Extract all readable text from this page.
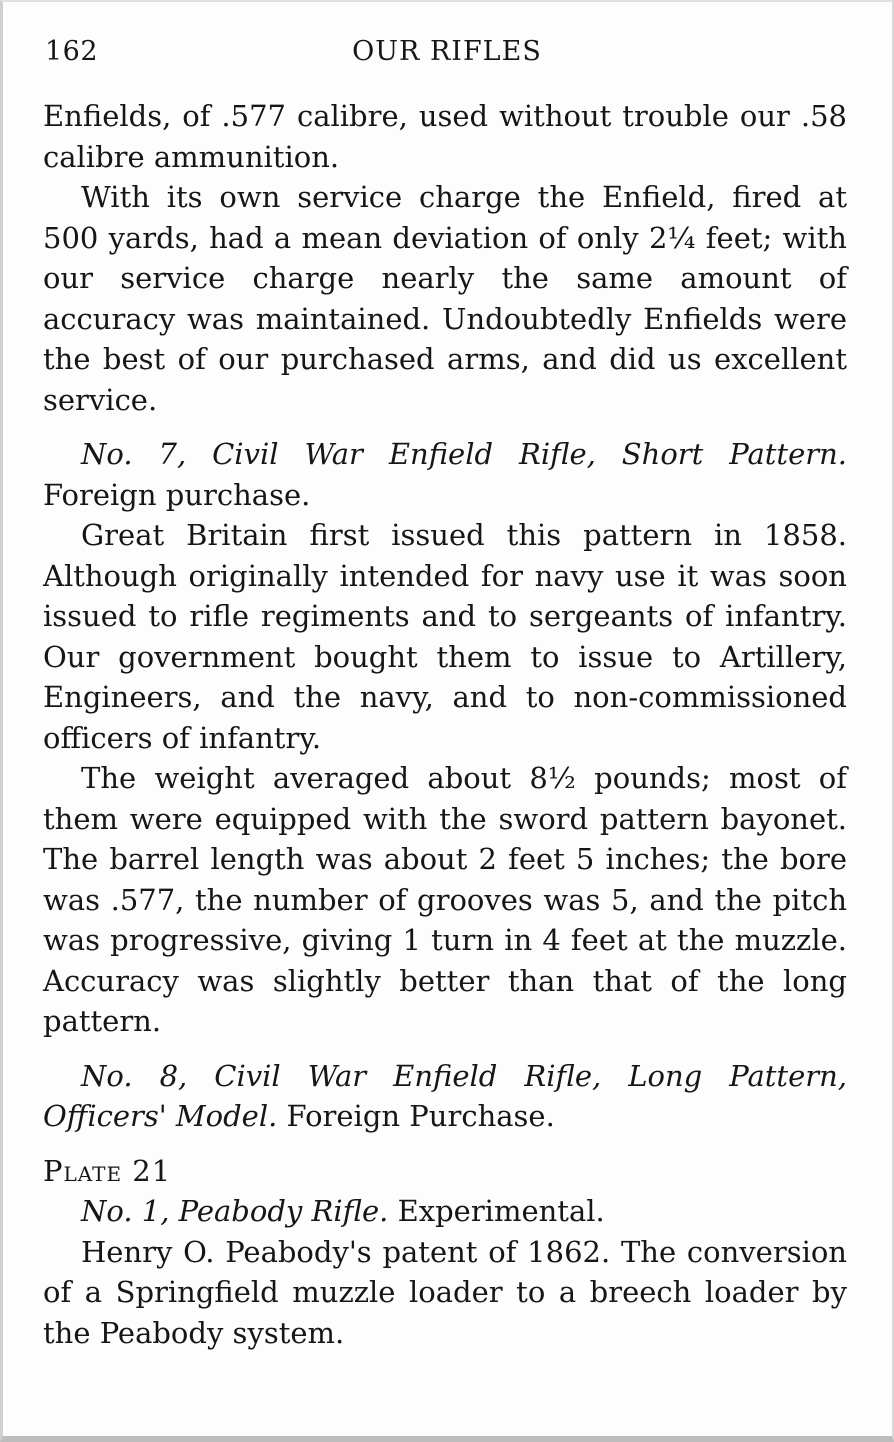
162	OUR RIFLES

Enfields, of .577 calibre, used without trouble our .58 calibre ammunition.

With its own service charge the Enfield, fired at 500 yards, had a mean deviation of only 2¼ feet; with our service charge nearly the same amount of accuracy was maintained. Undoubtedly Enfields were the best of our purchased arms, and did us excellent service.

No. 7, Civil War Enfield Rifle, Short Pattern. Foreign purchase.

Great Britain first issued this pattern in 1858. Although originally intended for navy use it was soon issued to rifle regiments and to sergeants of infantry. Our government bought them to issue to Artillery, Engineers, and the navy, and to non-commissioned officers of infantry.

The weight averaged about 8½ pounds; most of them were equipped with the sword pattern bayonet. The barrel length was about 2 feet 5 inches; the bore was .577, the number of grooves was 5, and the pitch was progressive, giving 1 turn in 4 feet at the muzzle. Accuracy was slightly better than that of the long pattern.

No. 8, Civil War Enfield Rifle, Long Pattern, Officers' Model. Foreign Purchase.

Plate 21

No. 1, Peabody Rifle. Experimental.

Henry O. Peabody's patent of 1862. The conversion of a Springfield muzzle loader to a breech loader by the Peabody system.
